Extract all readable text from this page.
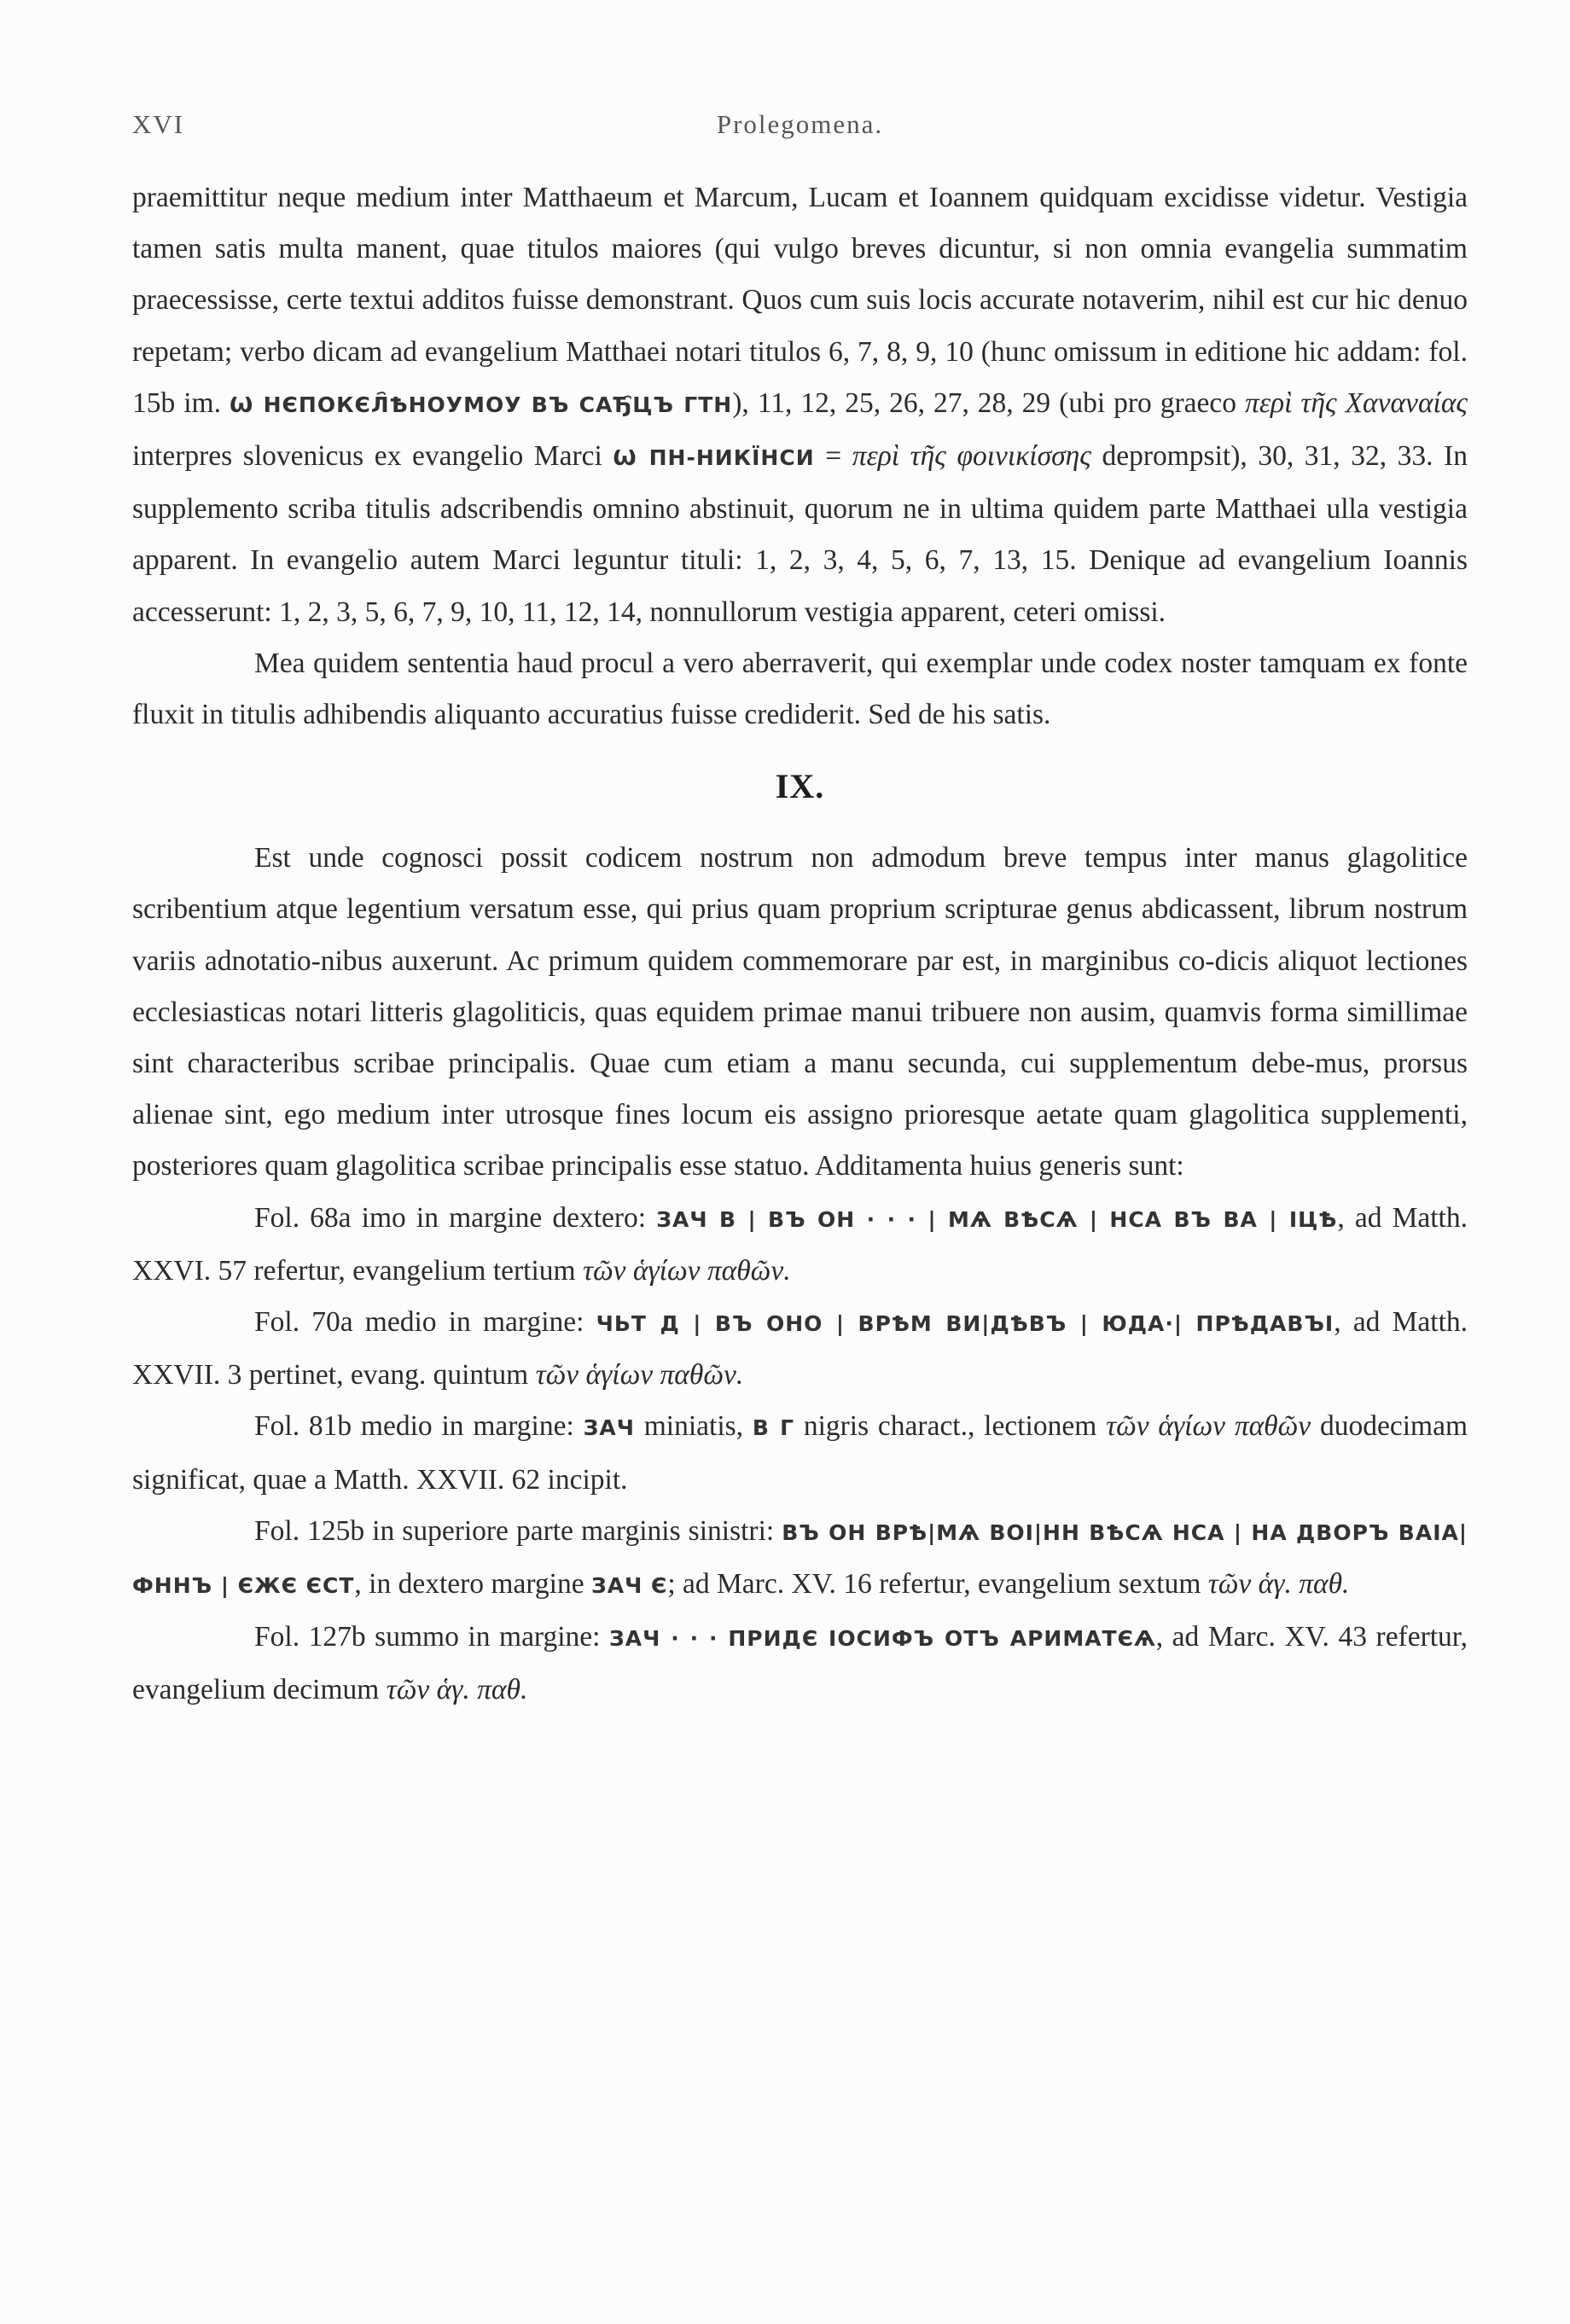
XVI	Prolegomena.

praemittitur neque medium inter Matthaeum et Marcum, Lucam et Ioannem quidquam excidisse videtur. Vestigia tamen satis multa manent, quae titulos maiores (qui vulgo breves dicuntur, si non omnia evangelia summatim praecessisse, certe textui additos fuisse demonstrant. Quos cum suis locis accurate notaverim, nihil est cur hic denuo repetam; verbo dicam ad evangelium Matthaei notari titulos 6, 7, 8, 9, 10 (hunc omissum in editione hic addam: fol. 15b im. Ѡ НЄПОКЄЛ҄ѢНОУМОУ ВЪ САЂ҄ЦЪ ГТН), 11, 12, 25, 26, 27, 28, 29 (ubi pro graeco περὶ τῆς Χαναναίας interpres slovenicus ex evangelio Marci Ѡ ПН-НИКЇНСИ = περὶ τῆς φοινικίσσης deprompsit), 30, 31, 32, 33. In supplemento scriba titulis adscribendis omnino abstinuit, quorum ne in ultima quidem parte Matthaei ulla vestigia apparent. In evangelio autem Marci leguntur tituli: 1, 2, 3, 4, 5, 6, 7, 13, 15. Denique ad evangelium Ioannis accesserunt: 1, 2, 3, 5, 6, 7, 9, 10, 11, 12, 14, nonnullorum vestigia apparent, ceteri omissi.

Mea quidem sententia haud procul a vero aberraverit, qui exemplar unde codex noster tamquam ex fonte fluxit in titulis adhibendis aliquanto accuratius fuisse crediderit. Sed de his satis.

IX.

Est unde cognosci possit codicem nostrum non admodum breve tempus inter manus glagolitice scribentium atque legentium versatum esse, qui prius quam proprium scripturae genus abdicassent, librum nostrum variis adnotatio-nibus auxerunt. Ac primum quidem commemorare par est, in marginibus co-dicis aliquot lectiones ecclesiasticas notari litteris glagoliticis, quas equidem primae manui tribuere non ausim, quamvis forma simillimae sint characteribus scribae principalis. Quae cum etiam a manu secunda, cui supplementum debe-mus, prorsus alienae sint, ego medium inter utrosque fines locum eis assigno prioresque aetate quam glagolitica supplementi, posteriores quam glagolitica scribae principalis esse statuo. Additamenta huius generis sunt:

Fol. 68a imo in margine dextero: ЗАЧ В | ВЪ ОН · · · | МѦ ВѢСѦ | НСА ВЪ ВА | ІЦѢ, ad Matth. XXVI. 57 refertur, evangelium tertium τῶν ἁγίων παθῶν.

Fol. 70a medio in margine: ЧЬТ Д | ВЪ ОНО | ВРѢМ ВИ|ДѢВЪ | ЮДА·| ПРѢДАВЪІ, ad Matth. XXVII. 3 pertinet, evang. quintum τῶν ἁγίων παθῶν.

Fol. 81b medio in margine: ЗАЧ miniatis, В Г nigris charact., lectionem τῶν ἁγίων παθῶν duodecimam significat, quae a Matth. XXVII. 62 incipit.

Fol. 125b in superiore parte marginis sinistri: ВЪ ОН ВРѢ|МѦ ВОІ|НН ВѢСѦ НСА | НА ДВОРЪ ВАІА|ФННЪ | ЄЖЄ ЄСТ, in dextero margine ЗАЧ Є; ad Marc. XV. 16 refertur, evangelium sextum τῶν ἁγ. παθ.

Fol. 127b summo in margine: ЗАЧ · · · ПРИДЄ ІОСИФЪ ОТЪ АРИМАТЄѦ, ad Marc. XV. 43 refertur, evangelium decimum τῶν ἁγ. παθ.
